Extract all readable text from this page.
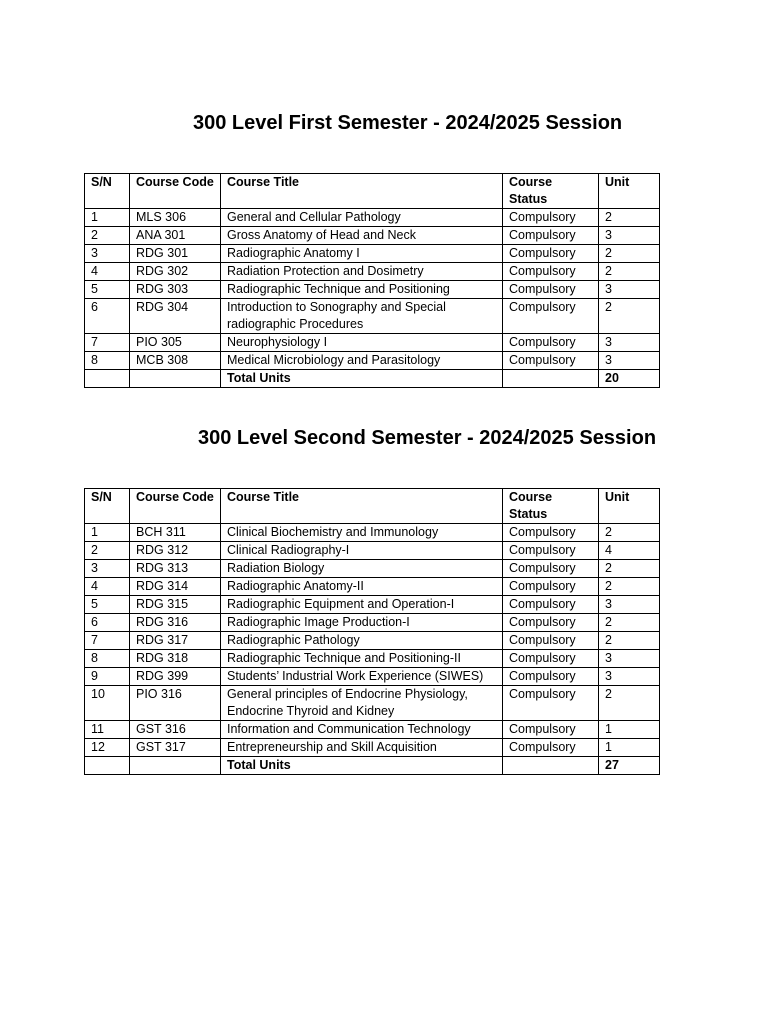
300 Level First Semester - 2024/2025 Session
S/N	Course Code	Course Title	Course Status	Unit
1	MLS 306	General and Cellular Pathology	Compulsory	2
2	ANA 301	Gross Anatomy of Head and Neck	Compulsory	3
3	RDG 301	Radiographic Anatomy I	Compulsory	2
4	RDG 302	Radiation Protection and Dosimetry	Compulsory	2
5	RDG 303	Radiographic Technique and Positioning	Compulsory	3
6	RDG 304	Introduction to Sonography and Special radiographic Procedures	Compulsory	2
7	PIO 305	Neurophysiology I	Compulsory	3
8	MCB 308	Medical Microbiology and Parasitology	Compulsory	3
		Total Units		20
300 Level Second Semester - 2024/2025 Session
S/N	Course Code	Course Title	Course Status	Unit
1	BCH 311	Clinical Biochemistry and Immunology	Compulsory	2
2	RDG 312	Clinical Radiography-I	Compulsory	4
3	RDG 313	Radiation Biology	Compulsory	2
4	RDG 314	Radiographic Anatomy-II	Compulsory	2
5	RDG 315	Radiographic Equipment and Operation-I	Compulsory	3
6	RDG 316	Radiographic Image Production-I	Compulsory	2
7	RDG 317	Radiographic Pathology	Compulsory	2
8	RDG 318	Radiographic Technique and Positioning-II	Compulsory	3
9	RDG 399	Students’ Industrial Work Experience (SIWES)	Compulsory	3
10	PIO 316	General principles of Endocrine Physiology, Endocrine Thyroid and Kidney	Compulsory	2
11	GST 316	Information and Communication Technology	Compulsory	1
12	GST 317	Entrepreneurship and Skill Acquisition	Compulsory	1
		Total Units		27
